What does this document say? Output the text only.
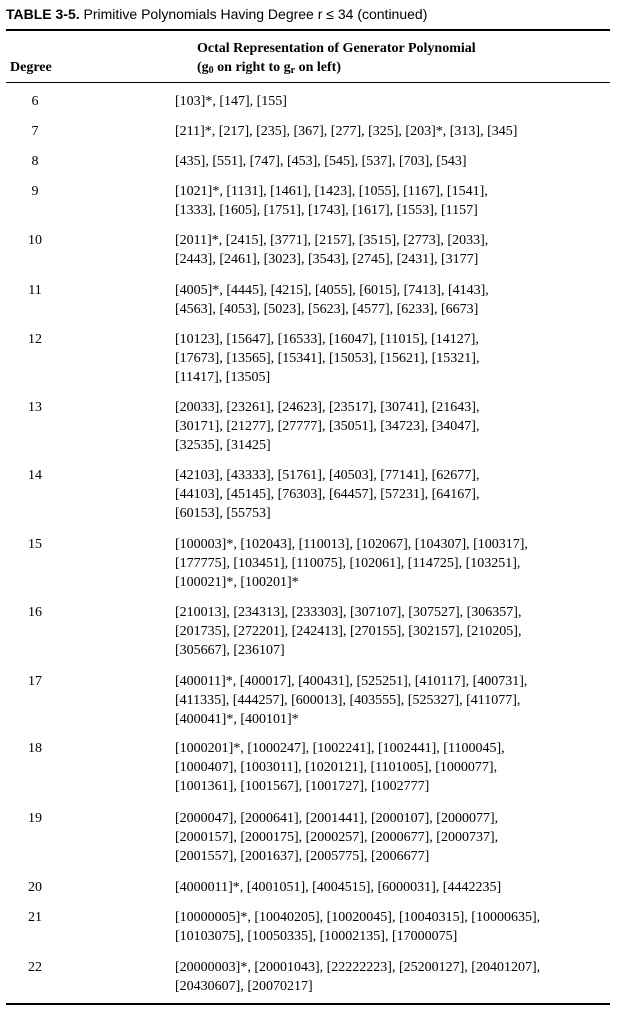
TABLE 3-5. Primitive Polynomials Having Degree r ≤ 34 (continued)
Octal Representation of Generator Polynomial
($g_0$ on right to $g_r$ on left)
Degree
6	[103]*, [147], [155]
7	[211]*, [217], [235], [367], [277], [325], [203]*, [313], [345]
8	[435], [551], [747], [453], [545], [537], [703], [543]
9	[1021]*, [1131], [1461], [1423], [1055], [1167], [1541],
[1333], [1605], [1751], [1743], [1617], [1553], [1157]
10	[2011]*, [2415], [3771], [2157], [3515], [2773], [2033],
[2443], [2461], [3023], [3543], [2745], [2431], [3177]
11	[4005]*, [4445], [4215], [4055], [6015], [7413], [4143],
[4563], [4053], [5023], [5623], [4577], [6233], [6673]
12	[10123], [15647], [16533], [16047], [11015], [14127],
[17673], [13565], [15341], [15053], [15621], [15321],
[11417], [13505]
13	[20033], [23261], [24623], [23517], [30741], [21643],
[30171], [21277], [27777], [35051], [34723], [34047],
[32535], [31425]
14	[42103], [43333], [51761], [40503], [77141], [62677],
[44103], [45145], [76303], [64457], [57231], [64167],
[60153], [55753]
15	[100003]*, [102043], [110013], [102067], [104307], [100317],
[177775], [103451], [110075], [102061], [114725], [103251],
[100021]*, [100201]*
16	[210013], [234313], [233303], [307107], [307527], [306357],
[201735], [272201], [242413], [270155], [302157], [210205],
[305667], [236107]
17	[400011]*, [400017], [400431], [525251], [410117], [400731],
[411335], [444257], [600013], [403555], [525327], [411077],
[400041]*, [400101]*
18	[1000201]*, [1000247], [1002241], [1002441], [1100045],
[1000407], [1003011], [1020121], [1101005], [1000077],
[1001361], [1001567], [1001727], [1002777]
19	[2000047], [2000641], [2001441], [2000107], [2000077],
[2000157], [2000175], [2000257], [2000677], [2000737],
[2001557], [2001637], [2005775], [2006677]
20	[4000011]*, [4001051], [4004515], [6000031], [4442235]
21	[10000005]*, [10040205], [10020045], [10040315], [10000635],
[10103075], [10050335], [10002135], [17000075]
22	[20000003]*, [20001043], [22222223], [25200127], [20401207],
[20430607], [20070217]
